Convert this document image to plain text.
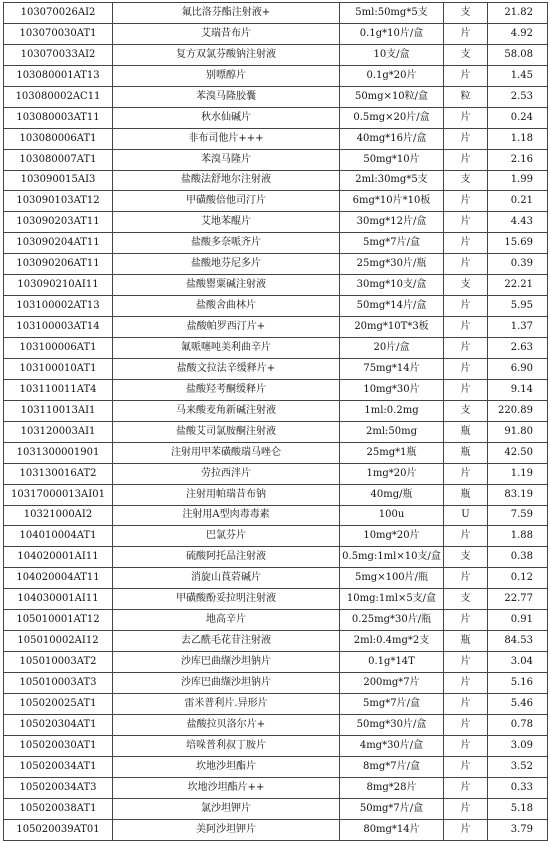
103070026AI2	氟比洛芬酯注射液+	5ml:50mg*5支	支	21.82
103070030AT1	艾瑞昔布片	0.1g*10片/盒	片	4.92
103070033AI2	复方双氯芬酸钠注射液	10支/盒	支	58.08
103080001AT13	别嘌醇片	0.1g*20片	片	1.45
103080002AC11	苯溴马隆胶囊	50mg×10粒/盒	粒	2.53
103080003AT11	秋水仙碱片	0.5mg×20片/盒	片	0.24
103080006AT1	非布司他片+++	40mg*16片/盒	片	1.18
103080007AT1	苯溴马隆片	50mg*10片	片	2.16
103090015AI3	盐酸法舒地尔注射液	2ml:30mg*5支	支	1.99
103090103AT12	甲磺酸倍他司汀片	6mg*10片*10板	片	0.21
103090203AT11	艾地苯醌片	30mg*12片/盒	片	4.43
103090204AT11	盐酸多奈哌齐片	5mg*7片/盒	片	15.69
103090206AT11	盐酸地芬尼多片	25mg*30片/瓶	片	0.39
103090210AI11	盐酸罂粟碱注射液	30mg*10支/盒	支	22.21
103100002AT13	盐酸舍曲林片	50mg*14片/盒	片	5.95
103100003AT14	盐酸帕罗西汀片+	20mg*10T*3板	片	1.37
103100006AT1	氟哌噻吨美利曲辛片	20片/盒	片	2.63
103100010AT1	盐酸文拉法辛缓释片+	75mg*14片	片	6.90
103110011AT4	盐酸羟考酮缓释片	10mg*30片	片	9.14
103110013AI1	马来酸麦角新碱注射液	1ml:0.2mg	支	220.89
103120003AI1	盐酸艾司氯胺酮注射液	2ml:50mg	瓶	91.80
1031300001901	注射用甲苯磺酸瑞马唑仑	25mg*1瓶	瓶	42.50
103130016AT2	劳拉西泮片	1mg*20片	片	1.19
10317000013AI01	注射用帕瑞昔布钠	40mg/瓶	瓶	83.19
10321000AI2	注射用A型肉毒毒素	100u	U	7.59
104010004AT1	巴氯芬片	10mg*20片	片	1.88
104020001AI11	硫酸阿托品注射液	0.5mg:1ml×10支/盒	支	0.38
104020004AT11	消旋山莨菪碱片	5mg×100片/瓶	片	0.12
104030001AI11	甲磺酸酚妥拉明注射液	10mg:1ml×5支/盒	支	22.77
105010001AT12	地高辛片	0.25mg*30片/瓶	片	0.91
105010002AI12	去乙酰毛花苷注射液	2ml:0.4mg*2支	瓶	84.53
105010003AT2	沙库巴曲缬沙坦钠片	0.1g*14T	片	3.04
105010003AT3	沙库巴曲缬沙坦钠片	200mg*7片	片	5.16
105020025AT1	雷米普利片.异形片	5mg*7片/盒	片	5.46
105020304AT1	盐酸拉贝洛尔片+	50mg*30片/盒	片	0.78
105020030AT1	培哚普利叔丁胺片	4mg*30片/盒	片	3.09
105020034AT1	坎地沙坦酯片	8mg*7片/盒	片	3.52
105020034AT3	坎地沙坦酯片++	8mg*28片	片	0.33
105020038AT1	氯沙坦钾片	50mg*7片/盒	片	5.18
105020039AT01	美阿沙坦钾片	80mg*14片	片	3.79
